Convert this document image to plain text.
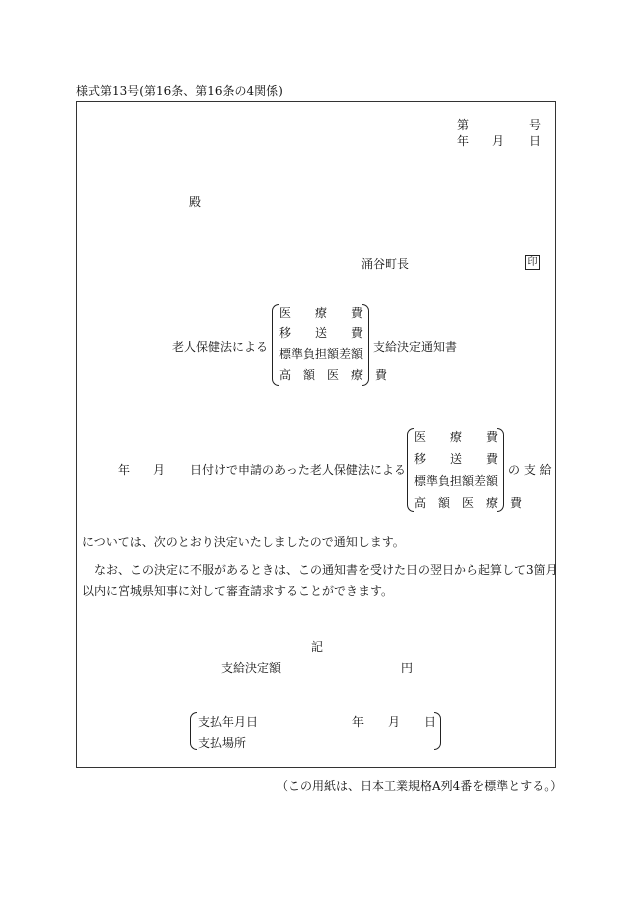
様式第13号(第16条、第16条の4関係)
第	号
年 月 日
殿
涌谷町長	印
老人保健法による
医　　療　　費
移　　送　　費
標準負担額差額
高　額　医　療　費
支給決定通知書
年 月 日付けで申請のあった老人保健法による
医　　療　　費
移　　送　　費
標準負担額差額
高　額　医　療　費
の 支 給
については、次のとおり決定いたしましたので通知します。
なお、この決定に不服があるときは、この通知書を受けた日の翌日から起算して3箇月
以内に宮城県知事に対して審査請求することができます。
記
支給決定額	円
支払年月日	年 月 日
支払場所
（この用紙は、日本工業規格A列4番を標準とする。）
